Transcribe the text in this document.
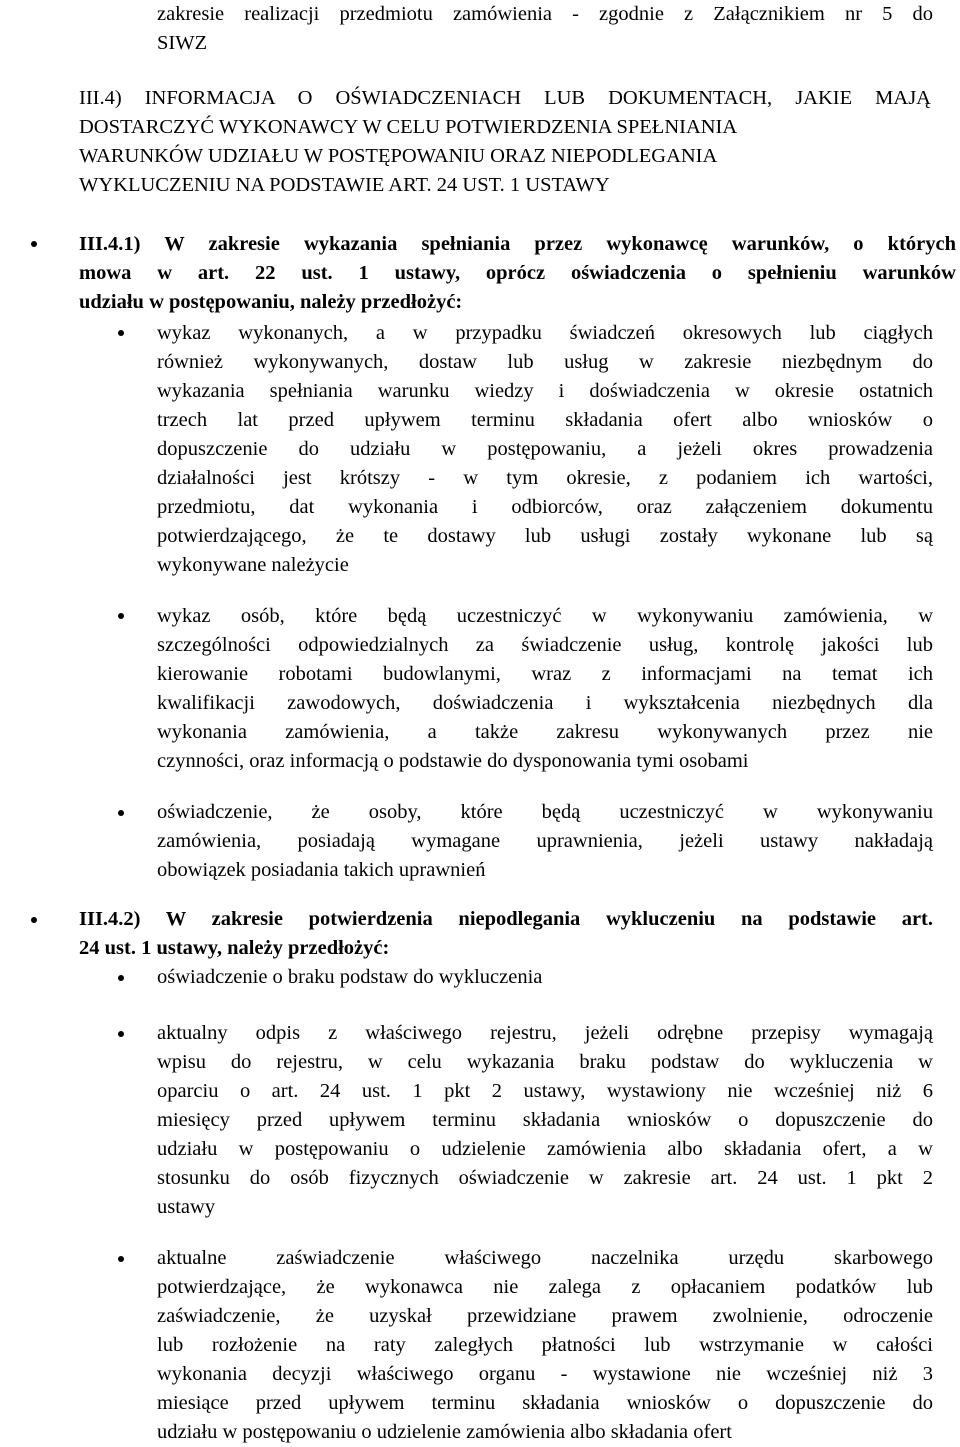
zakresie realizacji przedmiotu zamówienia - zgodnie z Załącznikiem nr 5 do
SIWZ
III.4) INFORMACJA O OŚWIADCZENIACH LUB DOKUMENTACH, JAKIE MAJĄ
DOSTARCZYĆ WYKONAWCY W CELU POTWIERDZENIA SPEŁNIANIA
WARUNKÓW UDZIAŁU W POSTĘPOWANIU ORAZ NIEPODLEGANIA
WYKLUCZENIU NA PODSTAWIE ART. 24 UST. 1 USTAWY
III.4.1) W zakresie wykazania spełniania przez wykonawcę warunków, o których
mowa w art. 22 ust. 1 ustawy, oprócz oświadczenia o spełnieniu warunków
udziału w postępowaniu, należy przedłożyć:
wykaz wykonanych, a w przypadku świadczeń okresowych lub ciągłych
również wykonywanych, dostaw lub usług w zakresie niezbędnym do
wykazania spełniania warunku wiedzy i doświadczenia w okresie ostatnich
trzech lat przed upływem terminu składania ofert albo wniosków o
dopuszczenie do udziału w postępowaniu, a jeżeli okres prowadzenia
działalności jest krótszy - w tym okresie, z podaniem ich wartości,
przedmiotu, dat wykonania i odbiorców, oraz załączeniem dokumentu
potwierdzającego, że te dostawy lub usługi zostały wykonane lub są
wykonywane należycie
wykaz osób, które będą uczestniczyć w wykonywaniu zamówienia, w
szczególności odpowiedzialnych za świadczenie usług, kontrolę jakości lub
kierowanie robotami budowlanymi, wraz z informacjami na temat ich
kwalifikacji zawodowych, doświadczenia i wykształcenia niezbędnych dla
wykonania zamówienia, a także zakresu wykonywanych przez nie
czynności, oraz informacją o podstawie do dysponowania tymi osobami
oświadczenie, że osoby, które będą uczestniczyć w wykonywaniu
zamówienia, posiadają wymagane uprawnienia, jeżeli ustawy nakładają
obowiązek posiadania takich uprawnień
III.4.2) W zakresie potwierdzenia niepodlegania wykluczeniu na podstawie art.
24 ust. 1 ustawy, należy przedłożyć:
oświadczenie o braku podstaw do wykluczenia
aktualny odpis z właściwego rejestru, jeżeli odrębne przepisy wymagają
wpisu do rejestru, w celu wykazania braku podstaw do wykluczenia w
oparciu o art. 24 ust. 1 pkt 2 ustawy, wystawiony nie wcześniej niż 6
miesięcy przed upływem terminu składania wniosków o dopuszczenie do
udziału w postępowaniu o udzielenie zamówienia albo składania ofert, a w
stosunku do osób fizycznych oświadczenie w zakresie art. 24 ust. 1 pkt 2
ustawy
aktualne zaświadczenie właściwego naczelnika urzędu skarbowego
potwierdzające, że wykonawca nie zalega z opłacaniem podatków lub
zaświadczenie, że uzyskał przewidziane prawem zwolnienie, odroczenie
lub rozłożenie na raty zaległych płatności lub wstrzymanie w całości
wykonania decyzji właściwego organu - wystawione nie wcześniej niż 3
miesiące przed upływem terminu składania wniosków o dopuszczenie do
udziału w postępowaniu o udzielenie zamówienia albo składania ofert
